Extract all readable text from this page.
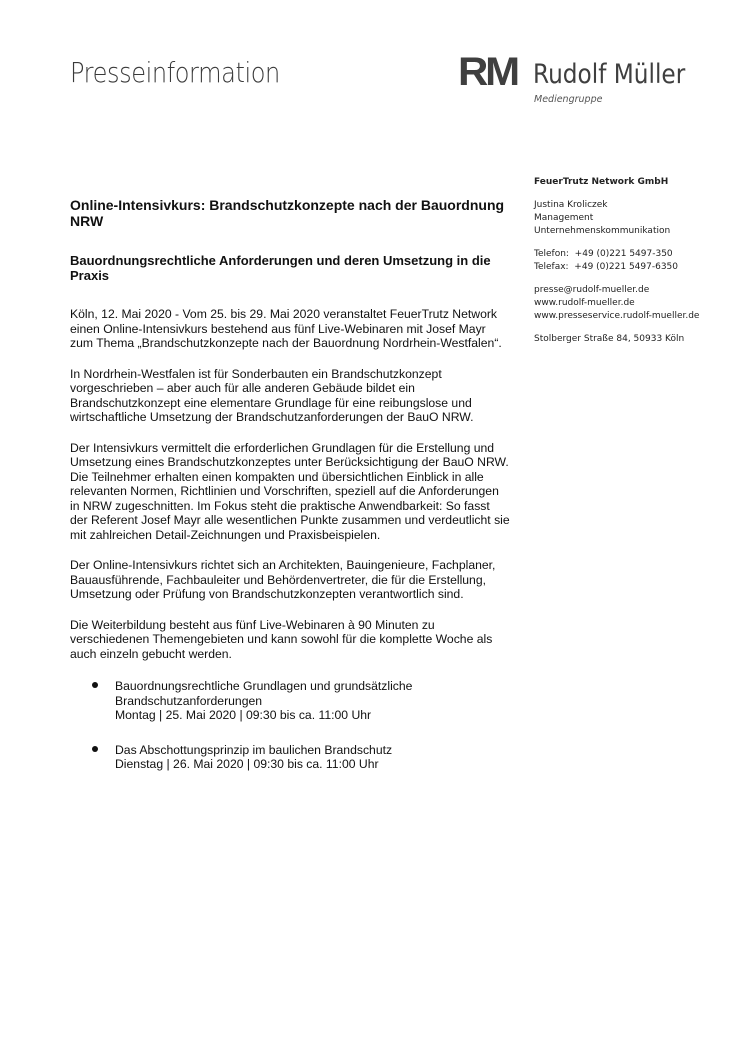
Presseinformation	RM Rudolf Müller
Mediengruppe
FeuerTrutz Network GmbH
Justina Kroliczek
Management
Unternehmenskommunikation
Telefon:  +49 (0)221 5497-350
Telefax:  +49 (0)221 5497-6350
presse@rudolf-mueller.de
www.rudolf-mueller.de
www.presseservice.rudolf-mueller.de
Stolberger Straße 84, 50933 Köln
Online-Intensivkurs: Brandschutzkonzepte nach der Bauordnung NRW
Bauordnungsrechtliche Anforderungen und deren Umsetzung in die Praxis

Köln, 12. Mai 2020 - Vom 25. bis 29. Mai 2020 veranstaltet FeuerTrutz Network einen Online-Intensivkurs bestehend aus fünf Live-Webinaren mit Josef Mayr zum Thema „Brandschutzkonzepte nach der Bauordnung Nordrhein-Westfalen“.

In Nordrhein-Westfalen ist für Sonderbauten ein Brandschutzkonzept vorgeschrieben – aber auch für alle anderen Gebäude bildet ein Brandschutzkonzept eine elementare Grundlage für eine reibungslose und wirtschaftliche Umsetzung der Brandschutzanforderungen der BauO NRW.

Der Intensivkurs vermittelt die erforderlichen Grundlagen für die Erstellung und Umsetzung eines Brandschutzkonzeptes unter Berücksichtigung der BauO NRW. Die Teilnehmer erhalten einen kompakten und übersichtlichen Einblick in alle relevanten Normen, Richtlinien und Vorschriften, speziell auf die Anforderungen in NRW zugeschnitten. Im Fokus steht die praktische Anwendbarkeit: So fasst der Referent Josef Mayr alle wesentlichen Punkte zusammen und verdeutlicht sie mit zahlreichen Detail-Zeichnungen und Praxisbeispielen.

Der Online-Intensivkurs richtet sich an Architekten, Bauingenieure, Fachplaner, Bauausführende, Fachbauleiter und Behördenvertreter, die für die Erstellung, Umsetzung oder Prüfung von Brandschutzkonzepten verantwortlich sind.

Die Weiterbildung besteht aus fünf Live-Webinaren à 90 Minuten zu verschiedenen Themengebieten und kann sowohl für die komplette Woche als auch einzeln gebucht werden.

Bauordnungsrechtliche Grundlagen und grundsätzliche Brandschutzanforderungen
Montag | 25. Mai 2020 | 09:30 bis ca. 11:00 Uhr
Das Abschottungsprinzip im baulichen Brandschutz
Dienstag | 26. Mai 2020 | 09:30 bis ca. 11:00 Uhr
